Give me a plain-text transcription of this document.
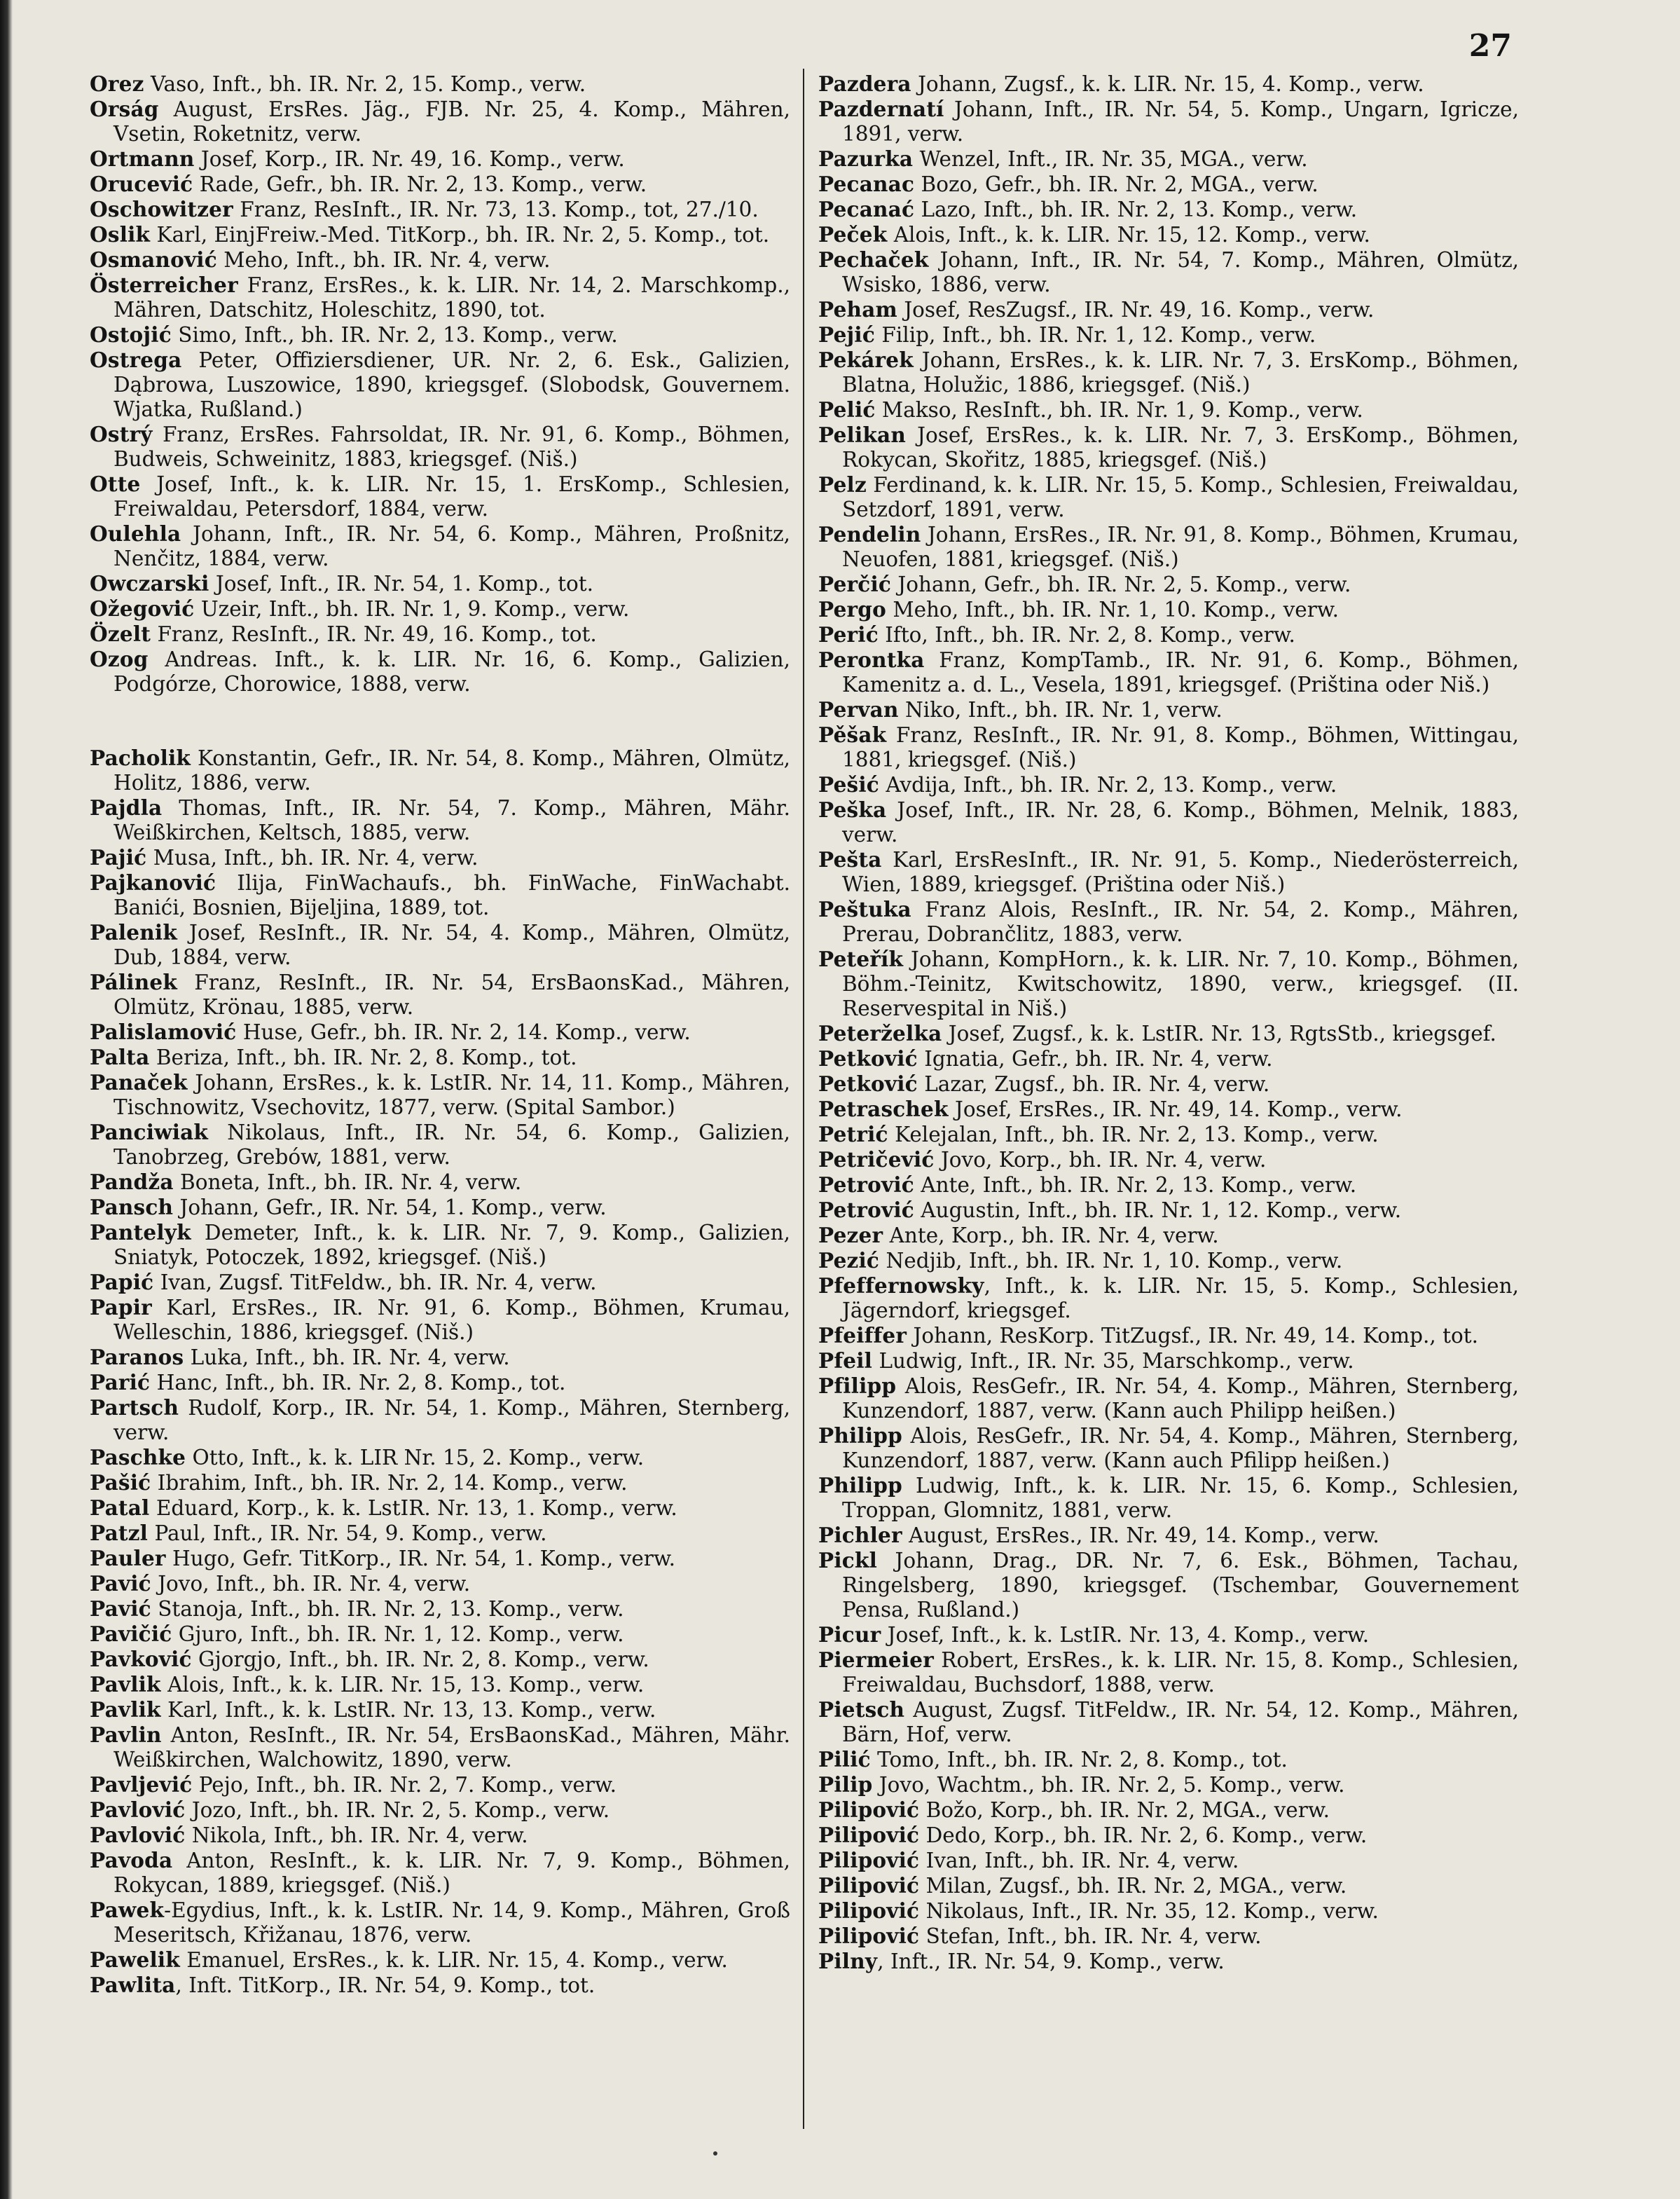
27
Orez Vaso, Inft., bh. IR. Nr. 2, 15. Komp., verw.
Orság August, ErsRes. Jäg., FJB. Nr. 25, 4. Komp., Mähren, Vsetin, Roketnitz, verw.
Ortmann Josef, Korp., IR. Nr. 49, 16. Komp., verw.
Orucević Rade, Gefr., bh. IR. Nr. 2, 13. Komp., verw.
Oschowitzer Franz, ResInft., IR. Nr. 73, 13. Komp., tot, 27./10.
Oslik Karl, EinjFreiw.-Med. TitKorp., bh. IR. Nr. 2, 5. Komp., tot.
Osmanović Meho, Inft., bh. IR. Nr. 4, verw.
Österreicher Franz, ErsRes., k. k. LIR. Nr. 14, 2. Marschkomp., Mähren, Datschitz, Holeschitz, 1890, tot.
Ostojić Simo, Inft., bh. IR. Nr. 2, 13. Komp., verw.
Ostrega Peter, Offiziersdiener, UR. Nr. 2, 6. Esk., Galizien, Dąbrowa, Luszowice, 1890, kriegsgef. (Slobodsk, Gouvernem. Wjatka, Rußland.)
Ostrý Franz, ErsRes. Fahrsoldat, IR. Nr. 91, 6. Komp., Böhmen, Budweis, Schweinitz, 1883, kriegsgef. (Niš.)
Otte Josef, Inft., k. k. LIR. Nr. 15, 1. ErsKomp., Schlesien, Freiwaldau, Petersdorf, 1884, verw.
Oulehla Johann, Inft., IR. Nr. 54, 6. Komp., Mähren, Proßnitz, Nenčitz, 1884, verw.
Owczarski Josef, Inft., IR. Nr. 54, 1. Komp., tot.
Ožegović Uzeir, Inft., bh. IR. Nr. 1, 9. Komp., verw.
Özelt Franz, ResInft., IR. Nr. 49, 16. Komp., tot.
Ozog Andreas. Inft., k. k. LIR. Nr. 16, 6. Komp., Galizien, Podgórze, Chorowice, 1888, verw.
Pacholik Konstantin, Gefr., IR. Nr. 54, 8. Komp., Mähren, Olmütz, Holitz, 1886, verw.
Pajdla Thomas, Inft., IR. Nr. 54, 7. Komp., Mähren, Mähr. Weißkirchen, Keltsch, 1885, verw.
Pajić Musa, Inft., bh. IR. Nr. 4, verw.
Pajkanović Ilija, FinWachaufs., bh. FinWache, FinWachabt. Banići, Bosnien, Bijeljina, 1889, tot.
Palenik Josef, ResInft., IR. Nr. 54, 4. Komp., Mähren, Olmütz, Dub, 1884, verw.
Pálinek Franz, ResInft., IR. Nr. 54, ErsBaonsKad., Mähren, Olmütz, Krönau, 1885, verw.
Palislamović Huse, Gefr., bh. IR. Nr. 2, 14. Komp., verw.
Palta Beriza, Inft., bh. IR. Nr. 2, 8. Komp., tot.
Panaček Johann, ErsRes., k. k. LstIR. Nr. 14, 11. Komp., Mähren, Tischnowitz, Vsechovitz, 1877, verw. (Spital Sambor.)
Panciwiak Nikolaus, Inft., IR. Nr. 54, 6. Komp., Galizien, Tanobrzeg, Grebów, 1881, verw.
Pandža Boneta, Inft., bh. IR. Nr. 4, verw.
Pansch Johann, Gefr., IR. Nr. 54, 1. Komp., verw.
Pantelyk Demeter, Inft., k. k. LIR. Nr. 7, 9. Komp., Galizien, Sniatyk, Potoczek, 1892, kriegsgef. (Niš.)
Papić Ivan, Zugsf. TitFeldw., bh. IR. Nr. 4, verw.
Papir Karl, ErsRes., IR. Nr. 91, 6. Komp., Böhmen, Krumau, Welleschin, 1886, kriegsgef. (Niš.)
Paranos Luka, Inft., bh. IR. Nr. 4, verw.
Parić Hanc, Inft., bh. IR. Nr. 2, 8. Komp., tot.
Partsch Rudolf, Korp., IR. Nr. 54, 1. Komp., Mähren, Sternberg, verw.
Paschke Otto, Inft., k. k. LIR Nr. 15, 2. Komp., verw.
Pašić Ibrahim, Inft., bh. IR. Nr. 2, 14. Komp., verw.
Patal Eduard, Korp., k. k. LstIR. Nr. 13, 1. Komp., verw.
Patzl Paul, Inft., IR. Nr. 54, 9. Komp., verw.
Pauler Hugo, Gefr. TitKorp., IR. Nr. 54, 1. Komp., verw.
Pavić Jovo, Inft., bh. IR. Nr. 4, verw.
Pavić Stanoja, Inft., bh. IR. Nr. 2, 13. Komp., verw.
Pavičić Gjuro, Inft., bh. IR. Nr. 1, 12. Komp., verw.
Pavković Gjorgjo, Inft., bh. IR. Nr. 2, 8. Komp., verw.
Pavlik Alois, Inft., k. k. LIR. Nr. 15, 13. Komp., verw.
Pavlik Karl, Inft., k. k. LstIR. Nr. 13, 13. Komp., verw.
Pavlin Anton, ResInft., IR. Nr. 54, ErsBaonsKad., Mähren, Mähr. Weißkirchen, Walchowitz, 1890, verw.
Pavljević Pejo, Inft., bh. IR. Nr. 2, 7. Komp., verw.
Pavlović Jozo, Inft., bh. IR. Nr. 2, 5. Komp., verw.
Pavlović Nikola, Inft., bh. IR. Nr. 4, verw.
Pavoda Anton, ResInft., k. k. LIR. Nr. 7, 9. Komp., Böhmen, Rokycan, 1889, kriegsgef. (Niš.)
Pawek-Egydius, Inft., k. k. LstIR. Nr. 14, 9. Komp., Mähren, Groß Meseritsch, Křižanau, 1876, verw.
Pawelik Emanuel, ErsRes., k. k. LIR. Nr. 15, 4. Komp., verw.
Pawlita, Inft. TitKorp., IR. Nr. 54, 9. Komp., tot.
Pazdera Johann, Zugsf., k. k. LIR. Nr. 15, 4. Komp., verw.
Pazdernatí Johann, Inft., IR. Nr. 54, 5. Komp., Ungarn, Igricze, 1891, verw.
Pazurka Wenzel, Inft., IR. Nr. 35, MGA., verw.
Pecanac Bozo, Gefr., bh. IR. Nr. 2, MGA., verw.
Pecanać Lazo, Inft., bh. IR. Nr. 2, 13. Komp., verw.
Peček Alois, Inft., k. k. LIR. Nr. 15, 12. Komp., verw.
Pechaček Johann, Inft., IR. Nr. 54, 7. Komp., Mähren, Olmütz, Wsisko, 1886, verw.
Peham Josef, ResZugsf., IR. Nr. 49, 16. Komp., verw.
Pejić Filip, Inft., bh. IR. Nr. 1, 12. Komp., verw.
Pekárek Johann, ErsRes., k. k. LIR. Nr. 7, 3. ErsKomp., Böhmen, Blatna, Holužic, 1886, kriegsgef. (Niš.)
Pelić Makso, ResInft., bh. IR. Nr. 1, 9. Komp., verw.
Pelikan Josef, ErsRes., k. k. LIR. Nr. 7, 3. ErsKomp., Böhmen, Rokycan, Skořitz, 1885, kriegsgef. (Niš.)
Pelz Ferdinand, k. k. LIR. Nr. 15, 5. Komp., Schlesien, Freiwaldau, Setzdorf, 1891, verw.
Pendelin Johann, ErsRes., IR. Nr. 91, 8. Komp., Böhmen, Krumau, Neuofen, 1881, kriegsgef. (Niš.)
Perčić Johann, Gefr., bh. IR. Nr. 2, 5. Komp., verw.
Pergo Meho, Inft., bh. IR. Nr. 1, 10. Komp., verw.
Perić Ifto, Inft., bh. IR. Nr. 2, 8. Komp., verw.
Perontka Franz, KompTamb., IR. Nr. 91, 6. Komp., Böhmen, Kamenitz a. d. L., Vesela, 1891, kriegsgef. (Priština oder Niš.)
Pervan Niko, Inft., bh. IR. Nr. 1, verw.
Pěšak Franz, ResInft., IR. Nr. 91, 8. Komp., Böhmen, Wittingau, 1881, kriegsgef. (Niš.)
Pešić Avdija, Inft., bh. IR. Nr. 2, 13. Komp., verw.
Peška Josef, Inft., IR. Nr. 28, 6. Komp., Böhmen, Melnik, 1883, verw.
Pešta Karl, ErsResInft., IR. Nr. 91, 5. Komp., Niederösterreich, Wien, 1889, kriegsgef. (Priština oder Niš.)
Peštuka Franz Alois, ResInft., IR. Nr. 54, 2. Komp., Mähren, Prerau, Dobrančlitz, 1883, verw.
Peteřík Johann, KompHorn., k. k. LIR. Nr. 7, 10. Komp., Böhmen, Böhm.-Teinitz, Kwitschowitz, 1890, verw., kriegsgef. (II. Reservespital in Niš.)
Peterželka Josef, Zugsf., k. k. LstIR. Nr. 13, RgtsStb., kriegsgef.
Petković Ignatia, Gefr., bh. IR. Nr. 4, verw.
Petković Lazar, Zugsf., bh. IR. Nr. 4, verw.
Petraschek Josef, ErsRes., IR. Nr. 49, 14. Komp., verw.
Petrić Kelejalan, Inft., bh. IR. Nr. 2, 13. Komp., verw.
Petričević Jovo, Korp., bh. IR. Nr. 4, verw.
Petrović Ante, Inft., bh. IR. Nr. 2, 13. Komp., verw.
Petrović Augustin, Inft., bh. IR. Nr. 1, 12. Komp., verw.
Pezer Ante, Korp., bh. IR. Nr. 4, verw.
Pezić Nedjib, Inft., bh. IR. Nr. 1, 10. Komp., verw.
Pfeffernowsky, Inft., k. k. LIR. Nr. 15, 5. Komp., Schlesien, Jägerndorf, kriegsgef.
Pfeiffer Johann, ResKorp. TitZugsf., IR. Nr. 49, 14. Komp., tot.
Pfeil Ludwig, Inft., IR. Nr. 35, Marschkomp., verw.
Pfilipp Alois, ResGefr., IR. Nr. 54, 4. Komp., Mähren, Sternberg, Kunzendorf, 1887, verw. (Kann auch Philipp heißen.)
Philipp Alois, ResGefr., IR. Nr. 54, 4. Komp., Mähren, Sternberg, Kunzendorf, 1887, verw. (Kann auch Pfilipp heißen.)
Philipp Ludwig, Inft., k. k. LIR. Nr. 15, 6. Komp., Schlesien, Troppan, Glomnitz, 1881, verw.
Pichler August, ErsRes., IR. Nr. 49, 14. Komp., verw.
Pickl Johann, Drag., DR. Nr. 7, 6. Esk., Böhmen, Tachau, Ringelsberg, 1890, kriegsgef. (Tschembar, Gouvernement Pensa, Rußland.)
Picur Josef, Inft., k. k. LstIR. Nr. 13, 4. Komp., verw.
Piermeier Robert, ErsRes., k. k. LIR. Nr. 15, 8. Komp., Schlesien, Freiwaldau, Buchsdorf, 1888, verw.
Pietsch August, Zugsf. TitFeldw., IR. Nr. 54, 12. Komp., Mähren, Bärn, Hof, verw.
Pilić Tomo, Inft., bh. IR. Nr. 2, 8. Komp., tot.
Pilip Jovo, Wachtm., bh. IR. Nr. 2, 5. Komp., verw.
Pilipović Božo, Korp., bh. IR. Nr. 2, MGA., verw.
Pilipović Dedo, Korp., bh. IR. Nr. 2, 6. Komp., verw.
Pilipović Ivan, Inft., bh. IR. Nr. 4, verw.
Pilipović Milan, Zugsf., bh. IR. Nr. 2, MGA., verw.
Pilipović Nikolaus, Inft., IR. Nr. 35, 12. Komp., verw.
Pilipović Stefan, Inft., bh. IR. Nr. 4, verw.
Pilny, Inft., IR. Nr. 54, 9. Komp., verw.
